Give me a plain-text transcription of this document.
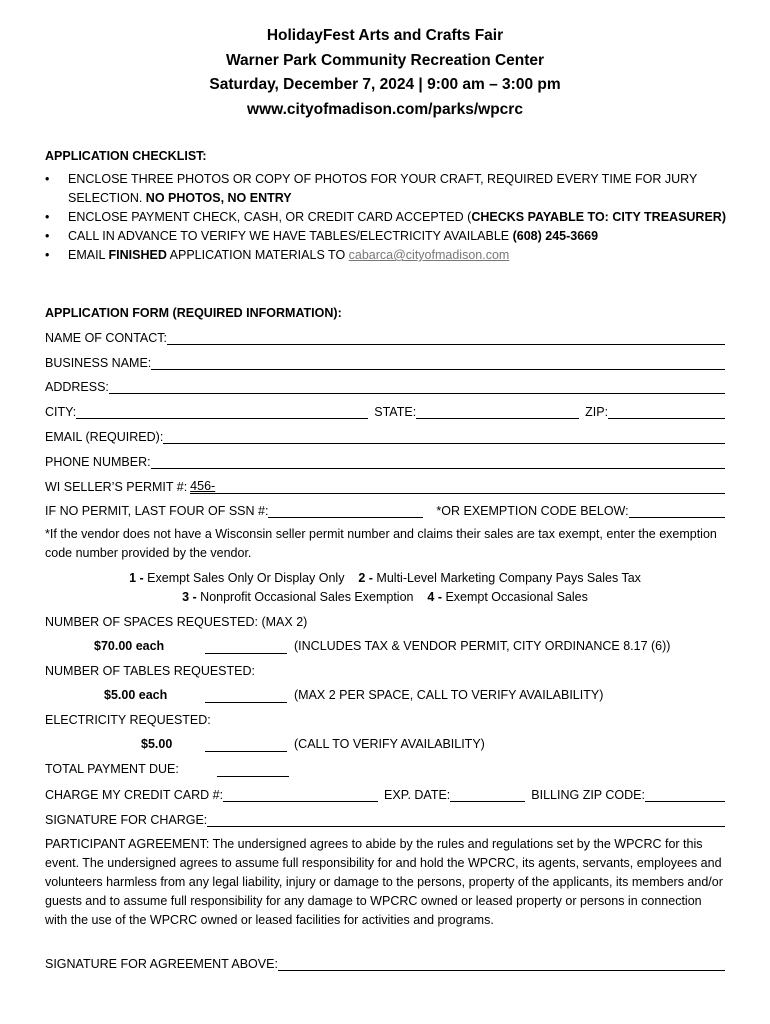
HolidayFest Arts and Crafts Fair
Warner Park Community Recreation Center
Saturday, December 7, 2024 | 9:00 am – 3:00 pm
www.cityofmadison.com/parks/wpcrc
APPLICATION CHECKLIST:
• ENCLOSE THREE PHOTOS OR COPY OF PHOTOS FOR YOUR CRAFT, REQUIRED EVERY TIME FOR JURY SELECTION. NO PHOTOS, NO ENTRY
• ENCLOSE PAYMENT CHECK, CASH, OR CREDIT CARD ACCEPTED (CHECKS PAYABLE TO: CITY TREASURER)
• CALL IN ADVANCE TO VERIFY WE HAVE TABLES/ELECTRICITY AVAILABLE (608) 245-3669
• EMAIL FINISHED APPLICATION MATERIALS TO cabarca@cityofmadison.com
APPLICATION FORM (REQUIRED INFORMATION):
NAME OF CONTACT:
BUSINESS NAME:
ADDRESS:
CITY:	STATE:	ZIP:
EMAIL (REQUIRED):
PHONE NUMBER:
WI SELLER’S PERMIT #: 456-
IF NO PERMIT, LAST FOUR OF SSN #:	*OR EXEMPTION CODE BELOW:
*If the vendor does not have a Wisconsin seller permit number and claims their sales are tax exempt, enter the exemption code number provided by the vendor.
1 - Exempt Sales Only Or Display Only 2 - Multi-Level Marketing Company Pays Sales Tax
3 - Nonprofit Occasional Sales Exemption 4 - Exempt Occasional Sales
NUMBER OF SPACES REQUESTED: (MAX 2)
$70.00 each	(INCLUDES TAX & VENDOR PERMIT, CITY ORDINANCE 8.17 (6))
NUMBER OF TABLES REQUESTED:
$5.00 each	(MAX 2 PER SPACE, CALL TO VERIFY AVAILABILITY)
ELECTRICITY REQUESTED:
$5.00	(CALL TO VERIFY AVAILABILITY)
TOTAL PAYMENT DUE:
CHARGE MY CREDIT CARD #:	EXP. DATE:	BILLING ZIP CODE:
SIGNATURE FOR CHARGE:
PARTICIPANT AGREEMENT: The undersigned agrees to abide by the rules and regulations set by the WPCRC for this event. The undersigned agrees to assume full responsibility for and hold the WPCRC, its agents, servants, employees and volunteers harmless from any legal liability, injury or damage to the persons, property of the applicants, its members and/or guests and to assume full responsibility for any damage to WPCRC owned or leased property or persons in connection with the use of the WPCRC owned or leased facilities for activities and programs.
SIGNATURE FOR AGREEMENT ABOVE:
